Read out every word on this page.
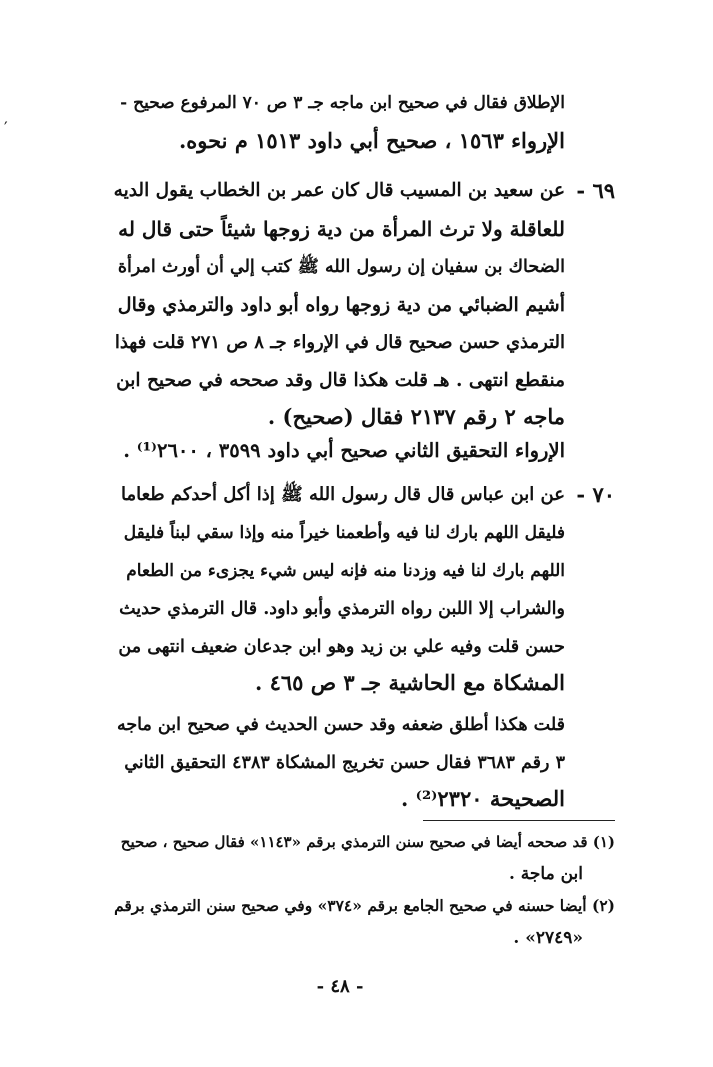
′
الإطلاق فقال في صحيح ابن ماجه جـ ٣ ص ٧٠ المرفوع صحيح -
الإرواء ١٥٦٣ ، صحيح أبي داود ١٥١٣ م نحوه.
٦٩ -
عن سعيد بن المسيب قال كان عمر بن الخطاب يقول الديه
للعاقلة ولا ترث المرأة من دية زوجها شيئاً حتى قال له
الضحاك بن سفيان إن رسول الله ﷺ كتب إلي أن أورث امرأة
أشيم الضبائي من دية زوجها رواه أبو داود والترمذي وقال
الترمذي حسن صحيح قال في الإرواء جـ ٨ ص ٢٧١ قلت فهذا
منقطع انتهى . هـ قلت هكذا قال وقد صححه في صحيح ابن
ماجه ٢ رقم ٢١٣٧ فقال (صحيح) .
الإرواء التحقيق الثاني صحيح أبي داود ٣٥٩٩ ، ٢٦٠٠⁽¹⁾ .
٧٠ -
عن ابن عباس قال قال رسول الله ﷺ إذا أكل أحدكم طعاما
فليقل اللهم بارك لنا فيه وأطعمنا خيراً منه وإذا سقي لبناً فليقل
اللهم بارك لنا فيه وزدنا منه فإنه ليس شيء يجزىء من الطعام
والشراب إلا اللبن رواه الترمذي وأبو داود. قال الترمذي حديث
حسن قلت وفيه علي بن زيد وهو ابن جدعان ضعيف انتهى من
المشكاة مع الحاشية جـ ٣ ص ٤٦٥ .
قلت هكذا أطلق ضعفه وقد حسن الحديث في صحيح ابن ماجه
٣ رقم ٣٦٨٣ فقال حسن تخريج المشكاة ٤٣٨٣ التحقيق الثاني
الصحيحة ٢٣٢٠⁽²⁾ .
(١) قد صححه أيضا في صحيح سنن الترمذي برقم «١١٤٣» فقال صحيح ، صحيح
ابن ماجة .
(٢) أيضا حسنه في صحيح الجامع برقم «٣٧٤» وفي صحيح سنن الترمذي برقم
«٢٧٤٩» .
- ٤٨ -
